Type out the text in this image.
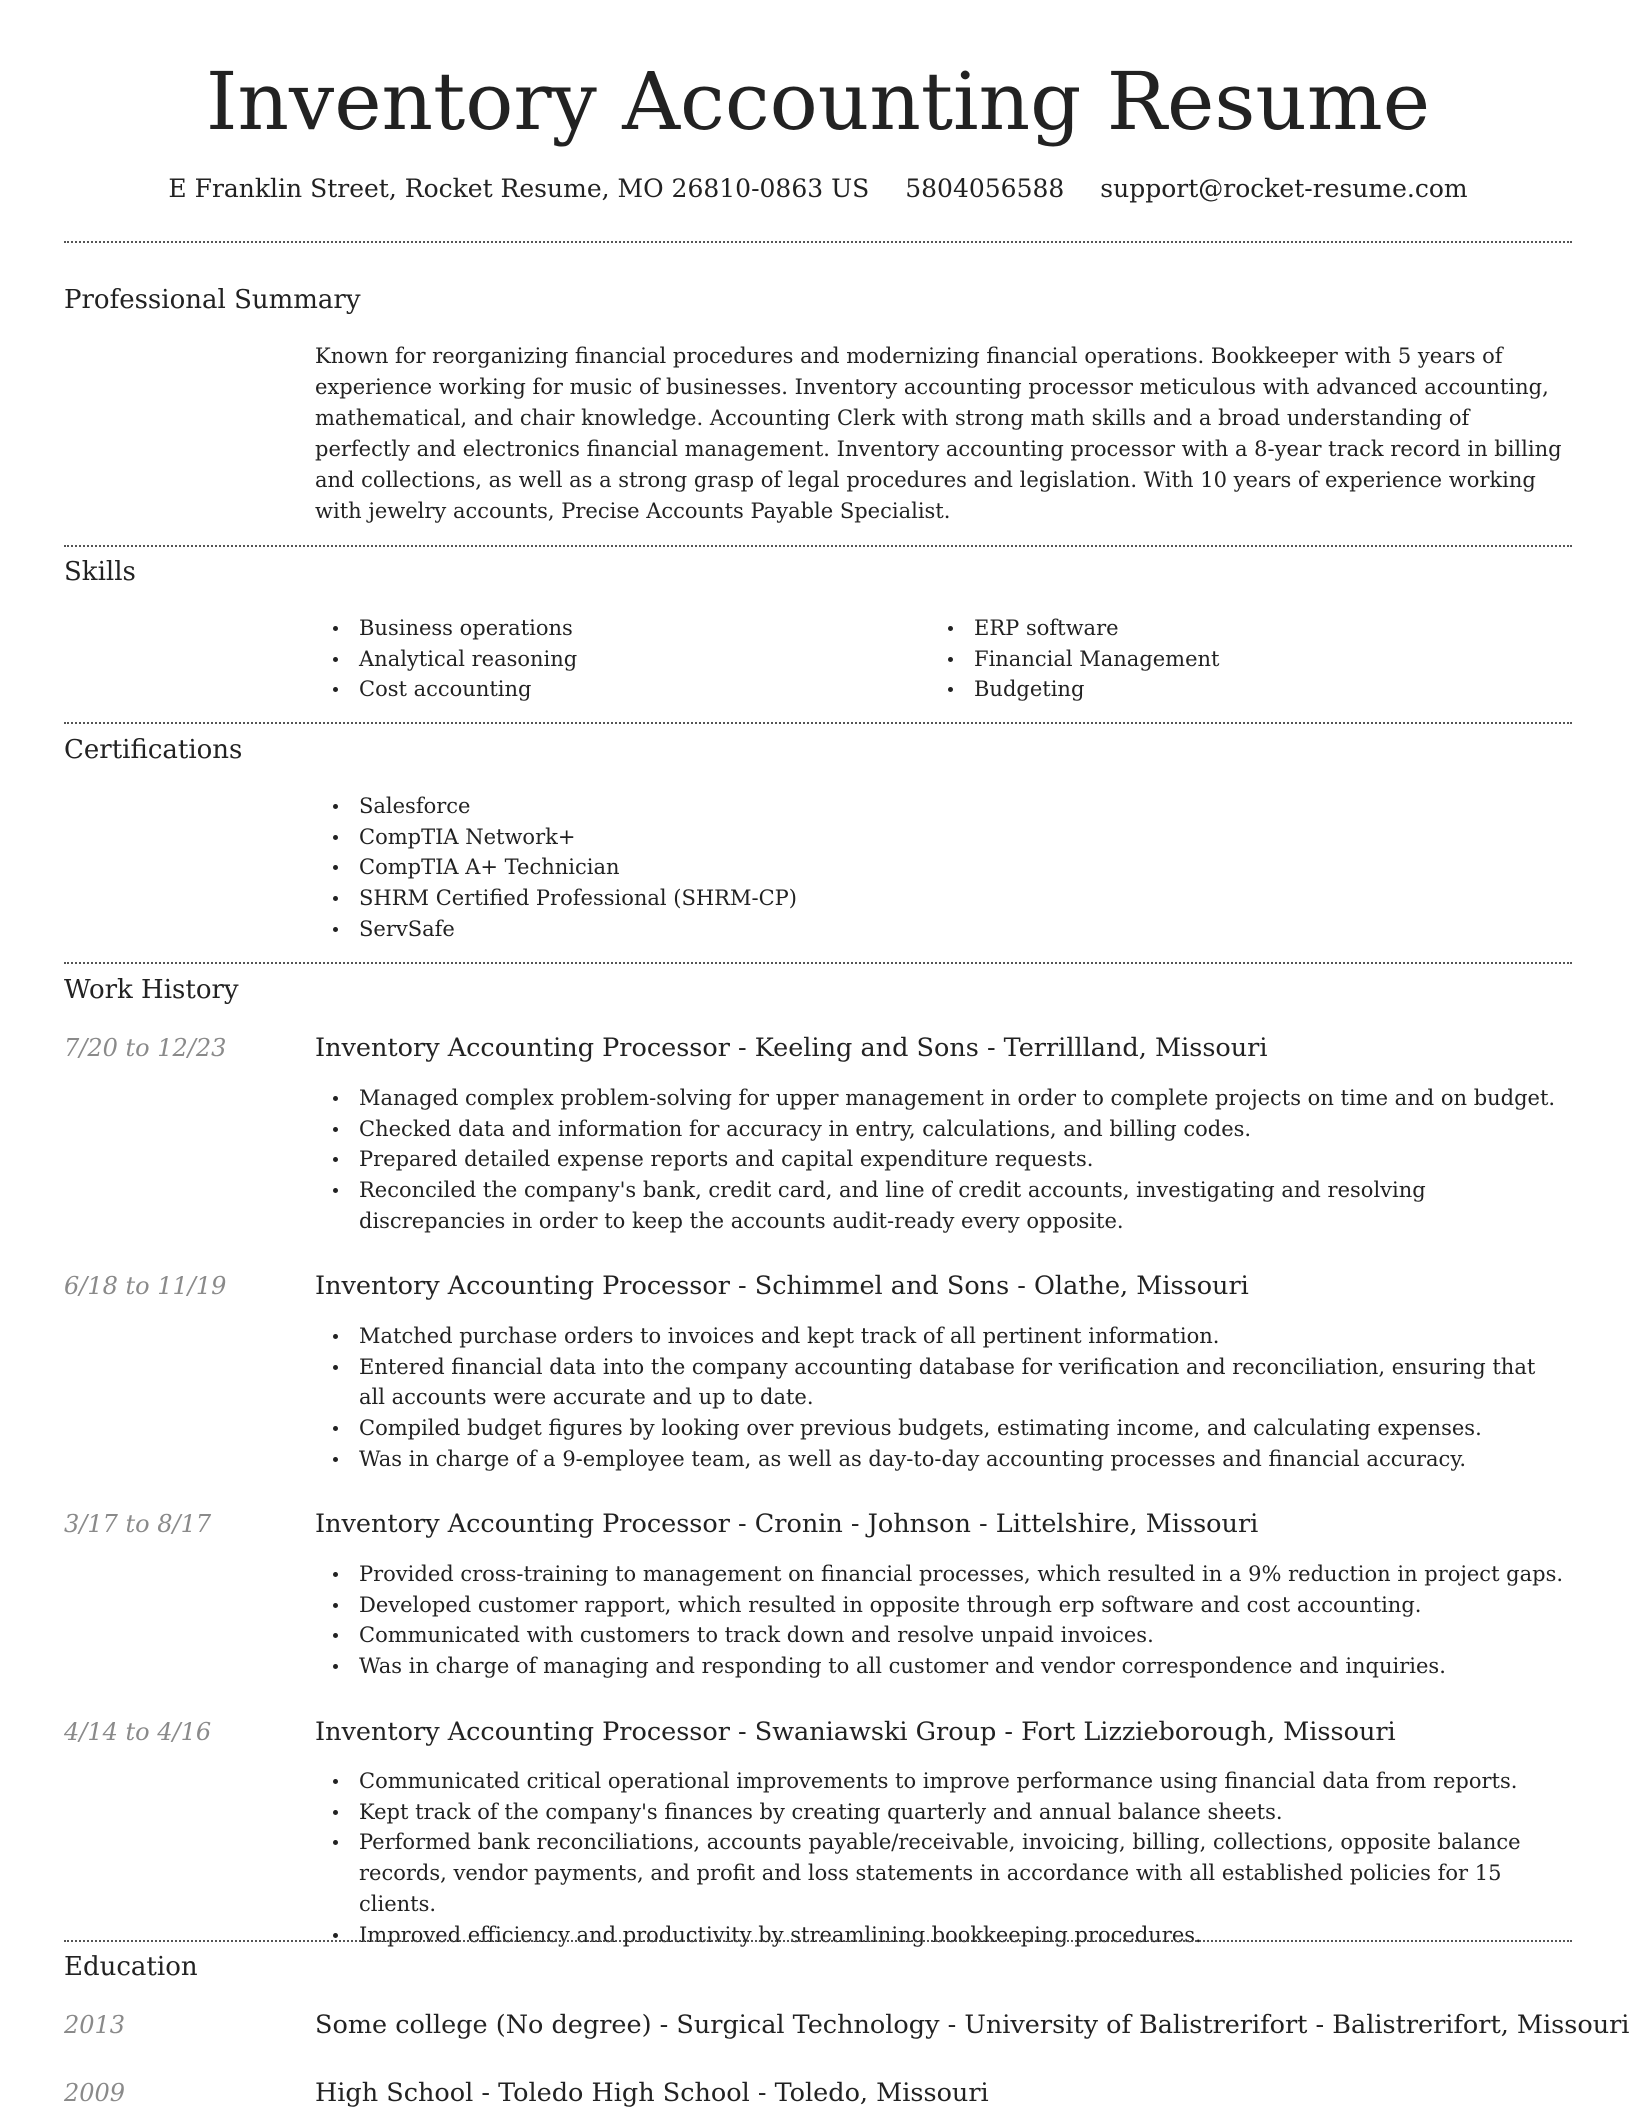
Inventory Accounting Resume
E Franklin Street, Rocket Resume, MO 26810-0863 US 5804056588 support@rocket-resume.com
Professional Summary

Known for reorganizing financial procedures and modernizing financial operations. Bookkeeper with 5 years of experience working for music of businesses. Inventory accounting processor meticulous with advanced accounting, mathematical, and chair knowledge. Accounting Clerk with strong math skills and a broad understanding of perfectly and electronics financial management. Inventory accounting processor with a 8-year track record in billing and collections, as well as a strong grasp of legal procedures and legislation. With 10 years of experience working with jewelry accounts, Precise Accounts Payable Specialist.

Skills
Business operations
Analytical reasoning
Cost accounting
ERP software
Financial Management
Budgeting
Certifications
Salesforce
CompTIA Network+
CompTIA A+ Technician
SHRM Certified Professional (SHRM-CP)
ServSafe
Work History
7/20 to 12/23	Inventory Accounting Processor - Keeling and Sons - Terrillland, Missouri
Managed complex problem-solving for upper management in order to complete projects on time and on budget.
Checked data and information for accuracy in entry, calculations, and billing codes.
Prepared detailed expense reports and capital expenditure requests.
Reconciled the company's bank, credit card, and line of credit accounts, investigating and resolving discrepancies in order to keep the accounts audit-ready every opposite.
6/18 to 11/19	Inventory Accounting Processor - Schimmel and Sons - Olathe, Missouri
Matched purchase orders to invoices and kept track of all pertinent information.
Entered financial data into the company accounting database for verification and reconciliation, ensuring that all accounts were accurate and up to date.
Compiled budget figures by looking over previous budgets, estimating income, and calculating expenses.
Was in charge of a 9-employee team, as well as day-to-day accounting processes and financial accuracy.
3/17 to 8/17	Inventory Accounting Processor - Cronin - Johnson - Littelshire, Missouri
Provided cross-training to management on financial processes, which resulted in a 9% reduction in project gaps.
Developed customer rapport, which resulted in opposite through erp software and cost accounting.
Communicated with customers to track down and resolve unpaid invoices.
Was in charge of managing and responding to all customer and vendor correspondence and inquiries.
4/14 to 4/16	Inventory Accounting Processor - Swaniawski Group - Fort Lizzieborough, Missouri
Communicated critical operational improvements to improve performance using financial data from reports.
Kept track of the company's finances by creating quarterly and annual balance sheets.
Performed bank reconciliations, accounts payable/receivable, invoicing, billing, collections, opposite balance records, vendor payments, and profit and loss statements in accordance with all established policies for 15 clients.
Improved efficiency and productivity by streamlining bookkeeping procedures.
Education
2013	Some college (No degree) - Surgical Technology - University of Balistrerifort - Balistrerifort, Missouri
2009	High School - Toledo High School - Toledo, Missouri
